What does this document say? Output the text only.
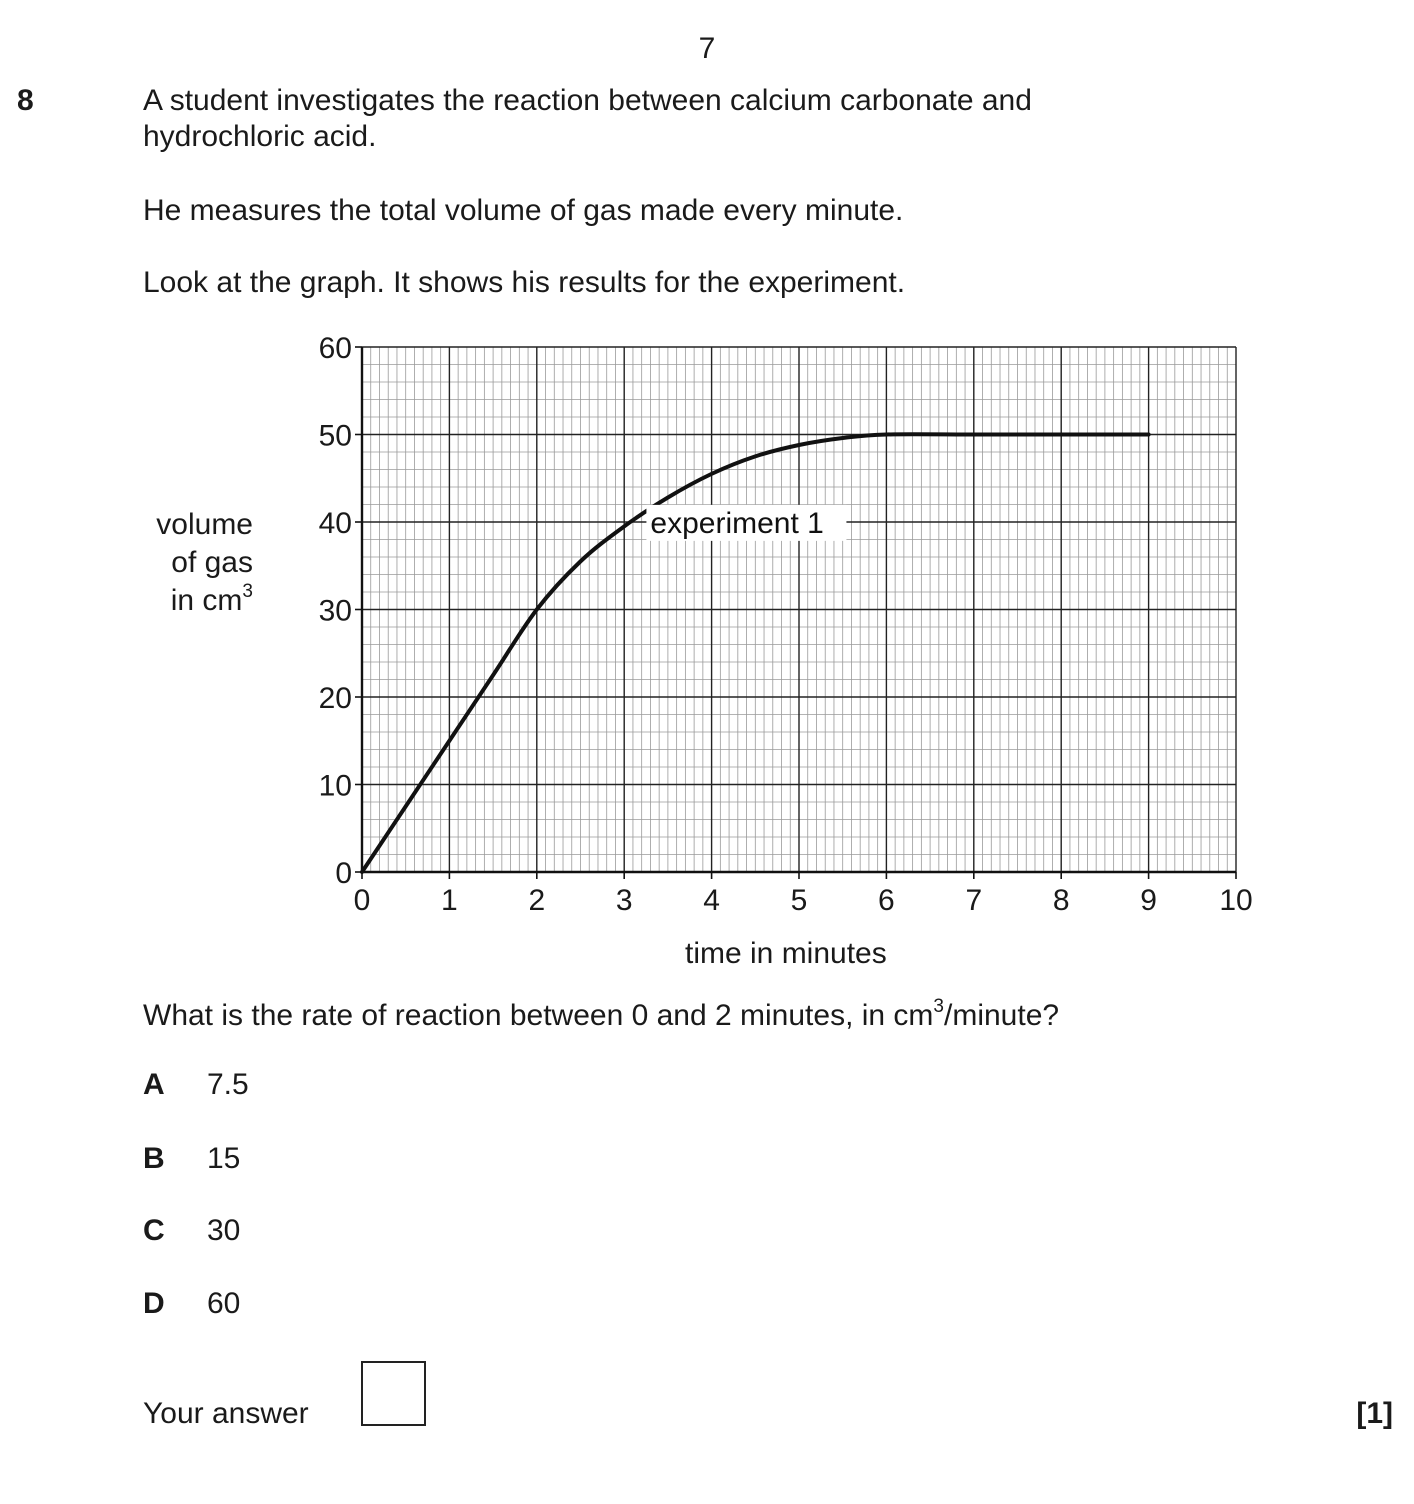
7
8	A student investigates the reaction between calcium carbonate and
hydrochloric acid.
He measures the total volume of gas made every minute.
Look at the graph. It shows his results for the experiment.
volume
of gas
in $cm^3$
0 1 2 3 4 5 6 7 8 9 10
0
10
20
30
40
50
60
experiment 1
time in minutes
What is the rate of reaction between 0 and 2 minutes, in $cm^3$/minute?
A 7.5
B 15
C 30
D 60
Your answer	[1]
